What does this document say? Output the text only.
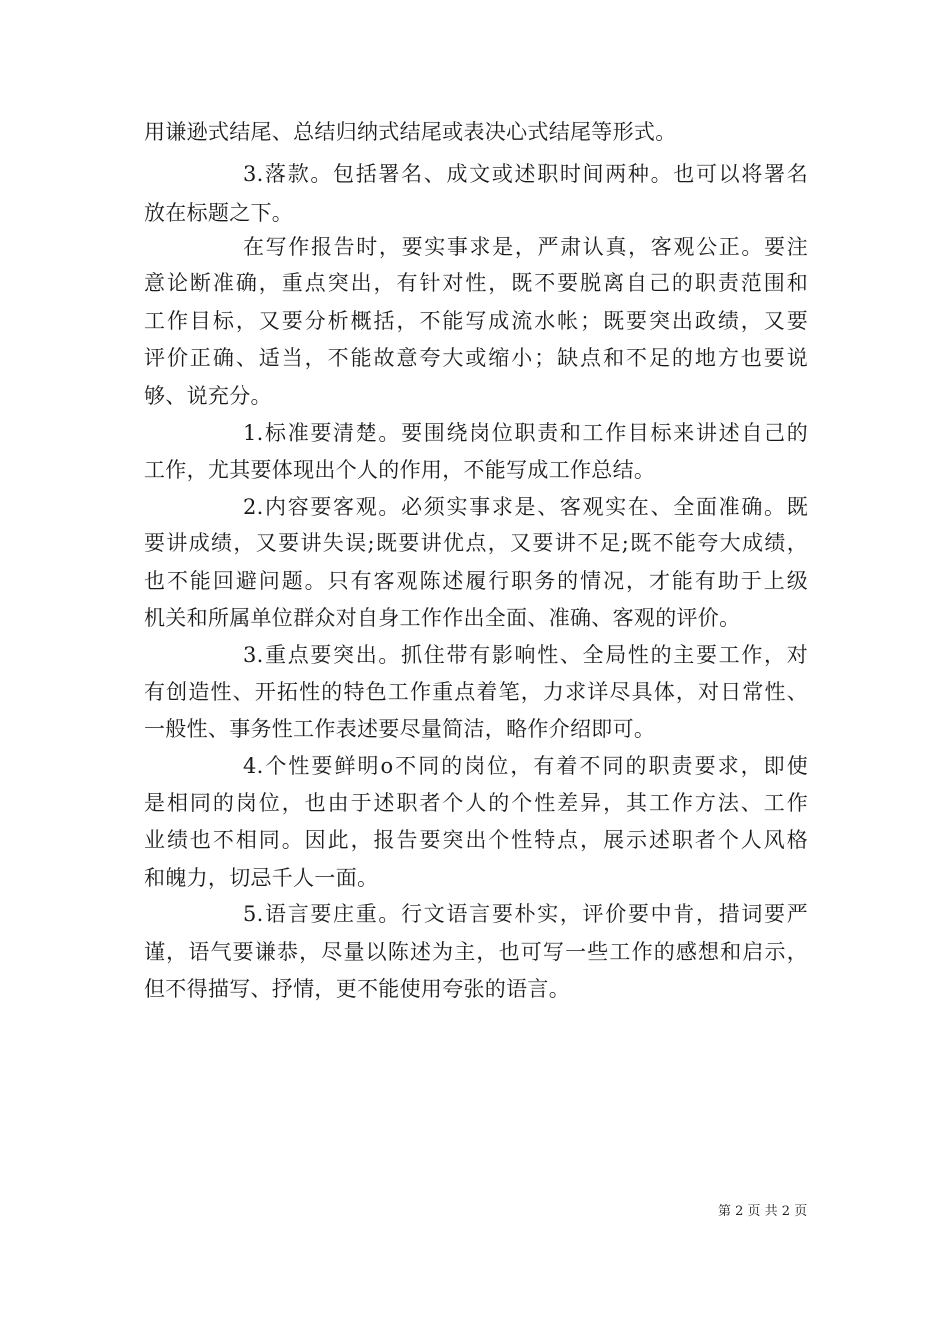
用谦逊式结尾、总结归纳式结尾或表决心式结尾等形式。
3.落款。包括署名、成文或述职时间两种。也可以将署名
放在标题之下。
在写作报告时，要实事求是，严肃认真，客观公正。要注
意论断准确，重点突出，有针对性，既不要脱离自己的职责范围和
工作目标，又要分析概括，不能写成流水帐；既要突出政绩，又要
评价正确、适当，不能故意夸大或缩小；缺点和不足的地方也要说
够、说充分。
1.标准要清楚。要围绕岗位职责和工作目标来讲述自己的
工作，尤其要体现出个人的作用，不能写成工作总结。
2.内容要客观。必须实事求是、客观实在、全面准确。既
要讲成绩，又要讲失误;既要讲优点，又要讲不足;既不能夸大成绩，
也不能回避问题。只有客观陈述履行职务的情况，才能有助于上级
机关和所属单位群众对自身工作作出全面、准确、客观的评价。
3.重点要突出。抓住带有影响性、全局性的主要工作，对
有创造性、开拓性的特色工作重点着笔，力求详尽具体，对日常性、
一般性、事务性工作表述要尽量简洁，略作介绍即可。
4.个性要鲜明o不同的岗位，有着不同的职责要求，即使
是相同的岗位，也由于述职者个人的个性差异，其工作方法、工作
业绩也不相同。因此，报告要突出个性特点，展示述职者个人风格
和魄力，切忌千人一面。
5.语言要庄重。行文语言要朴实，评价要中肯，措词要严
谨，语气要谦恭，尽量以陈述为主，也可写一些工作的感想和启示，
但不得描写、抒情，更不能使用夸张的语言。
第 2 页 共 2 页
